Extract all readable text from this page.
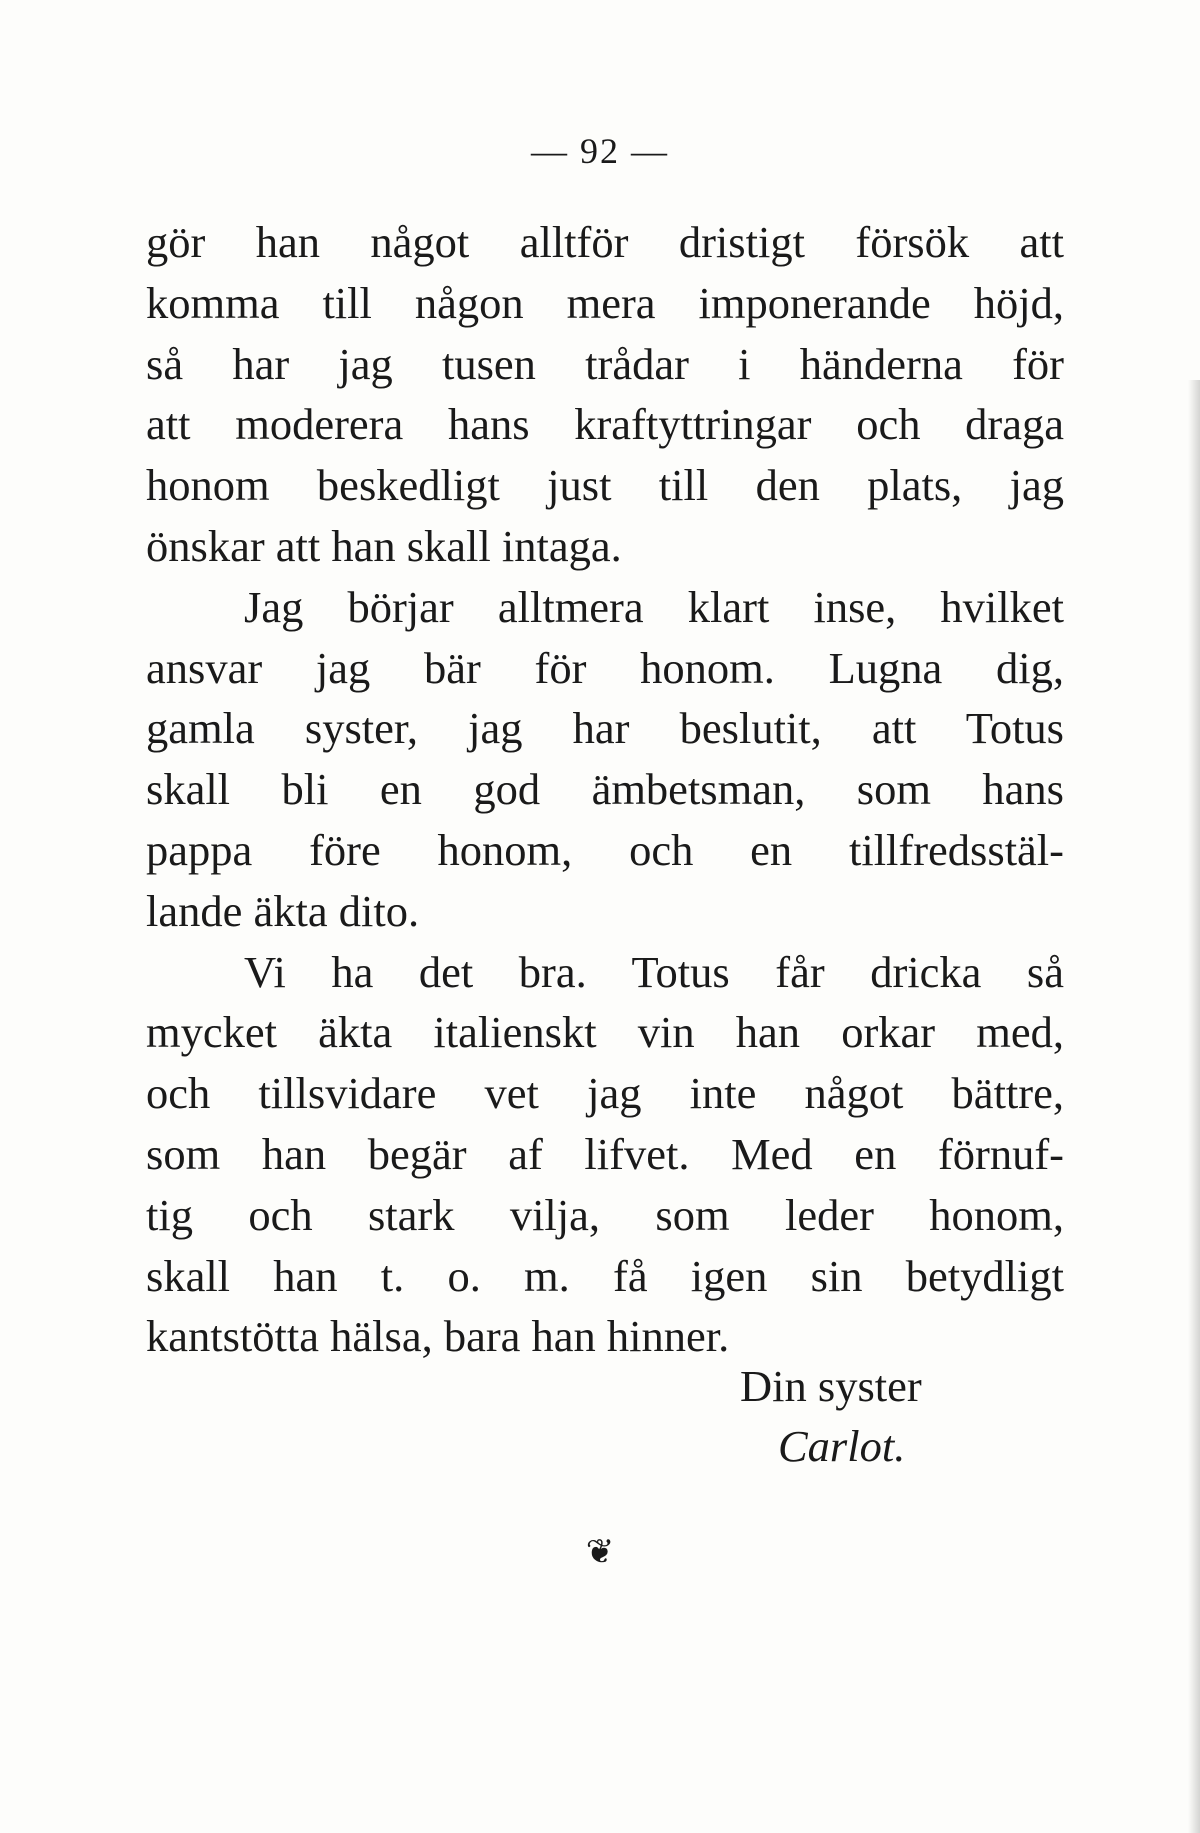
— 92 —
gör han något alltför dristigt försök att
komma till någon mera imponerande höjd,
så har jag tusen trådar i händerna för
att moderera hans kraftyttringar och draga
honom beskedligt just till den plats, jag
önskar att han skall intaga.
Jag börjar alltmera klart inse, hvilket
ansvar jag bär för honom. Lugna dig,
gamla syster, jag har beslutit, att Totus
skall bli en god ämbetsman, som hans
pappa före honom, och en tillfredsstäl-
lande äkta dito.
Vi ha det bra. Totus får dricka så
mycket äkta italienskt vin han orkar med,
och tillsvidare vet jag inte något bättre,
som han begär af lifvet. Med en förnuf-
tig och stark vilja, som leder honom,
skall han t. o. m. få igen sin betydligt
kantstötta hälsa, bara han hinner.
Din syster
Carlot.
❦
